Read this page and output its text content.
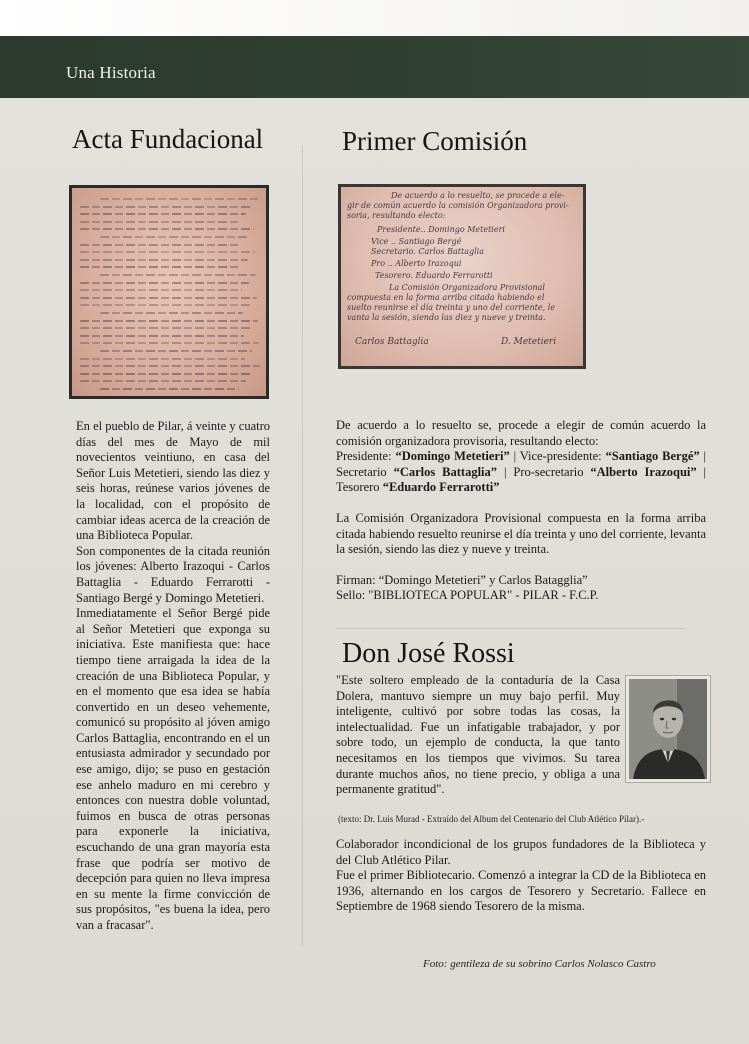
Una Historia
Acta Fundacional

En el pueblo de Pilar, á veinte y cuatro días del mes de Mayo de mil novecientos veintiuno, en casa del Señor Luis Metetieri, siendo las diez y seis horas, reúnese varios jóvenes de la localidad, con el propósito de cambiar ideas acerca de la creación de una Biblioteca Popular.

Son componentes de la citada reunión los jóvenes: Alberto Irazoqui - Carlos Battaglia - Eduardo Ferrarotti - Santiago Bergé y Domingo Metetieri.

Inmediatamente el Señor Bergé pide al Señor Metetieri que exponga su iniciativa. Este manifiesta que: hace tiempo tiene arraigada la idea de la creación de una Biblioteca Popular, y en el momento que esa idea se había convertido en un deseo vehemente, comunicó su propósito al jóven amigo Carlos Battaglia, encontrando en el un entusiasta admirador y secundado por ese amigo, dijo; se puso en gestación ese anhelo maduro en mi cerebro y entonces con nuestra doble voluntad, fuimos en busca de otras personas para exponerle la iniciativa, escuchando de una gran mayoría esta frase que podría ser motivo de decepción para quien no lleva impresa en su mente la firme convicción de sus propósitos, "es buena la idea, pero van a fracasar".

Primer Comisión
De acuerdo a lo resuelto, se procede a ele-
gir de común acuerdo la comisión Organizadora provi-
soria, resultando electo:
Presidente.. Domingo Metetieri
Vice .. Santiago Bergé
Secretario. Carlos Battaglia
Pro .. Alberto Irazoqui
Tesorero. Eduardo Ferrarotti
La Comisión Organizadora Provisional
compuesta en la forma arriba citada habiendo el
suelto reunirse el día treinta y uno del corriente, le
vanta la sesión, siendo las diez y nueve y treinta.
Carlos Battaglia	D. Metetieri

De acuerdo a lo resuelto se, procede a elegir de común acuerdo la comisión organizadora provisoria, resultando electo:

Presidente: “Domingo Metetieri” | Vice-presidente: “Santiago Bergé” | Secretario “Carlos Battaglia” | Pro-secretario “Alberto Irazoqui” | Tesorero “Eduardo Ferrarotti”

La Comisión Organizadora Provisional compuesta en la forma arriba citada habiendo resuelto reunirse el día treinta y uno del corriente, levanta la sesión, siendo las diez y nueve y treinta.

Firman: “Domingo Metetieri” y Carlos Batagglia”

Sello: "BIBLIOTECA POPULAR" - PILAR - F.C.P.

Don José Rossi

"Este soltero empleado de la contaduría de la Casa Dolera, mantuvo siempre un muy bajo perfil. Muy inteligente, cultivó por sobre todas las cosas, la intelectualidad. Fue un infatigable trabajador, y por sobre todo, un ejemplo de conducta, la que tanto necesitamos en los tiempos que vivimos. Su tarea durante muchos años, no tiene precio, y obliga a una permanente gratitud".

(texto: Dr. Luis Murad - Extraído del Album del Centenario del Club Atlético Pilar).-

Colaborador incondicional de los grupos fundadores de la Biblioteca y del Club Atlético Pilar.

Fue el primer Bibliotecario. Comenzó a integrar la CD de la Biblioteca en 1936, alternando en los cargos de Tesorero y Secretario. Fallece en Septiembre de 1968 siendo Tesorero de la misma.

Foto: gentileza de su sobrino Carlos Nolasco Castro
